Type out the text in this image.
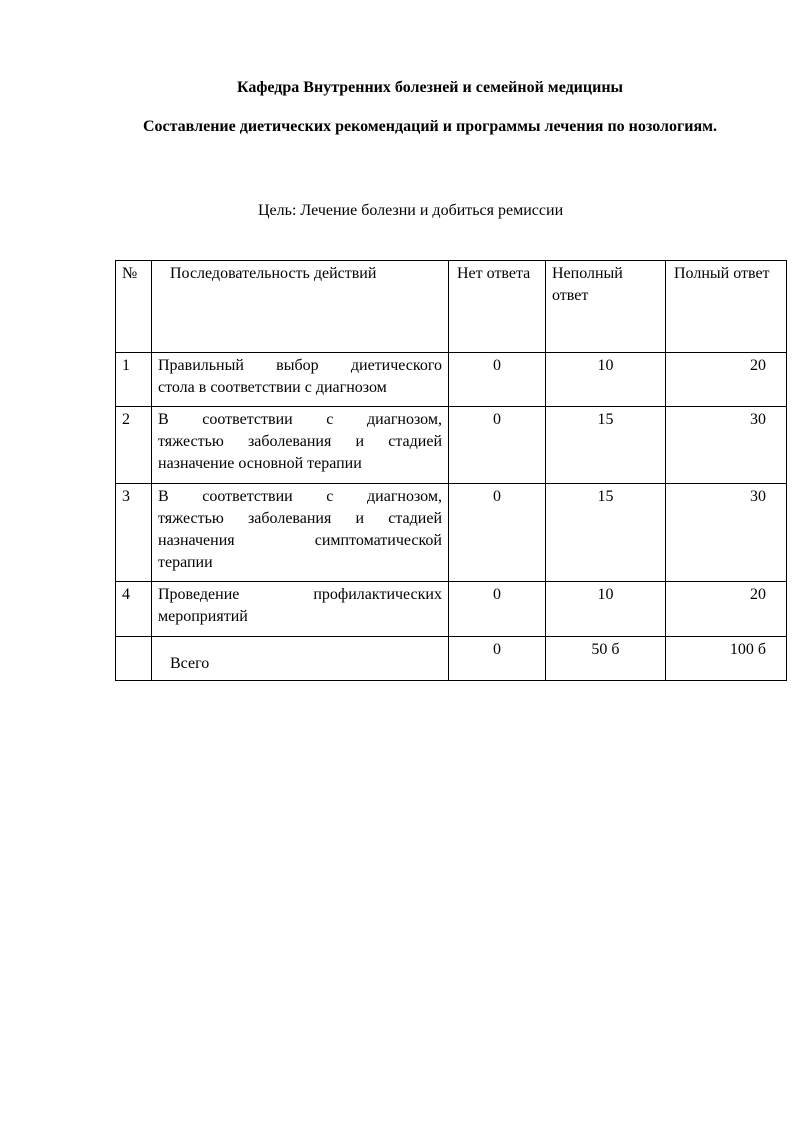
Кафедра Внутренних болезней и семейной медицины
Составление диетических рекомендаций и программы лечения по нозологиям.
Цель: Лечение болезни и добиться ремиссии
№	Последовательность действий	Нет ответа	Неполный ответ	Полный ответ
1	Правильный выбор диетического
стола в соответствии с диагнозом	0	10	20
2	В соответствии с диагнозом,
тяжестью заболевания и стадией
назначение основной терапии	0	15	30
3	В соответствии с диагнозом,
тяжестью заболевания и стадией
назначения симптоматической
терапии	0	15	30
4	Проведение профилактических
мероприятий	0	10	20
	Всего	0	50 б	100 б
